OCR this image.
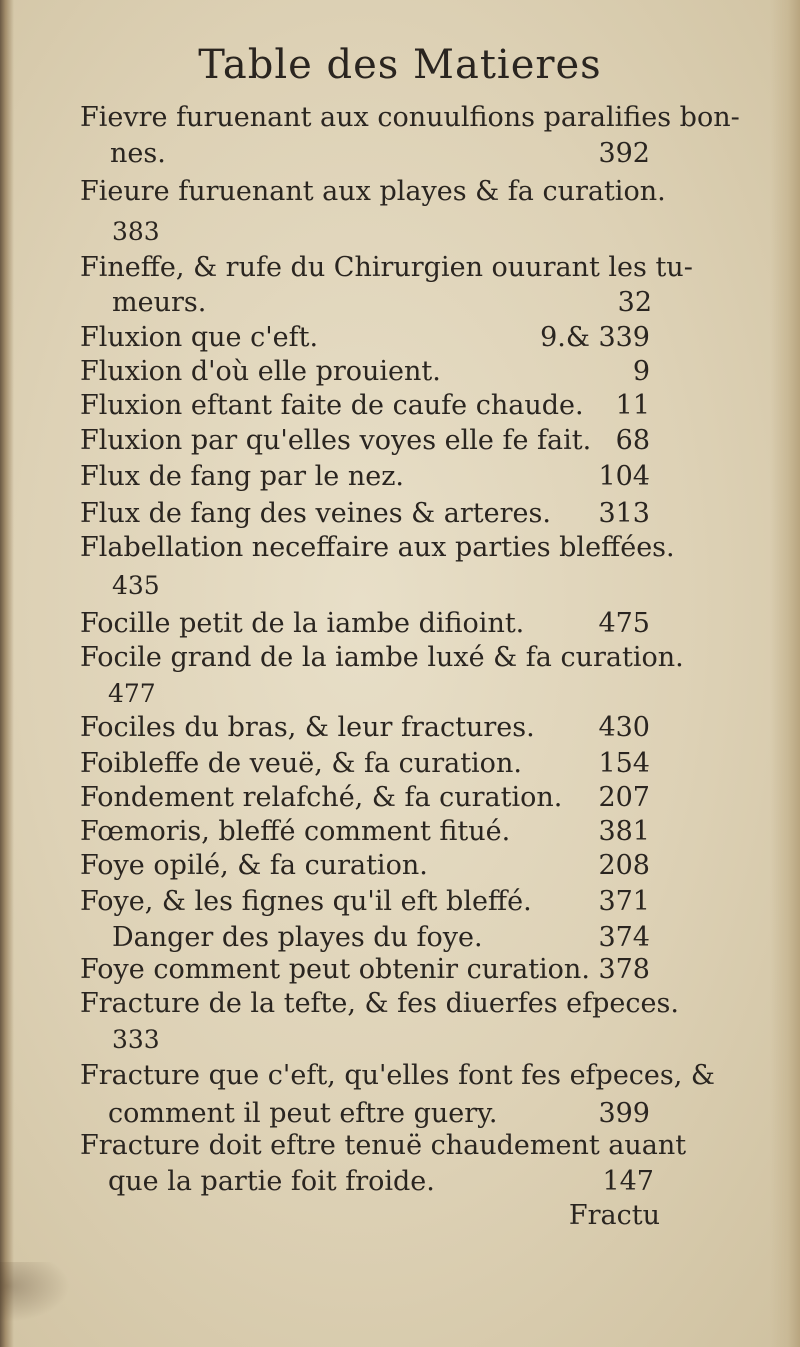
Table des Matieres
Fievre furuenant aux conuulfions paralifies bon-
nes.	392
Fieure furuenant aux playes & fa curation.
383
Fineffe, & rufe du Chirurgien ouurant les tu-
meurs.	32
Fluxion que c'eft.	9.& 339
Fluxion d'où elle prouient.	9
Fluxion eftant faite de caufe chaude. 11
Fluxion par qu'elles voyes elle fe fait. 68
Flux de fang par le nez.	104
Flux de fang des veines & arteres. 313
Flabellation neceffaire aux parties bleffées.
435
Focille petit de la iambe difioint.	475
Focile grand de la iambe luxé & fa curation.
477
Fociles du bras, & leur fractures. 430
Foibleffe de veuë, & fa curation.	154
Fondement relafché, & fa curation. 207
Fœmoris, bleffé comment fitué.	381
Foye opilé, & fa curation.	208
Foye, & les fignes qu'il eft bleffé. 371
Danger des playes du foye.	374
Foye comment peut obtenir curation. 378
Fracture de la tefte, & fes diuerfes efpeces.
333
Fracture que c'eft, qu'elles font fes efpeces, &
comment il peut eftre guery.	399
Fracture doit eftre tenuë chaudement auant
que la partie foit froide.	147
Fractu
